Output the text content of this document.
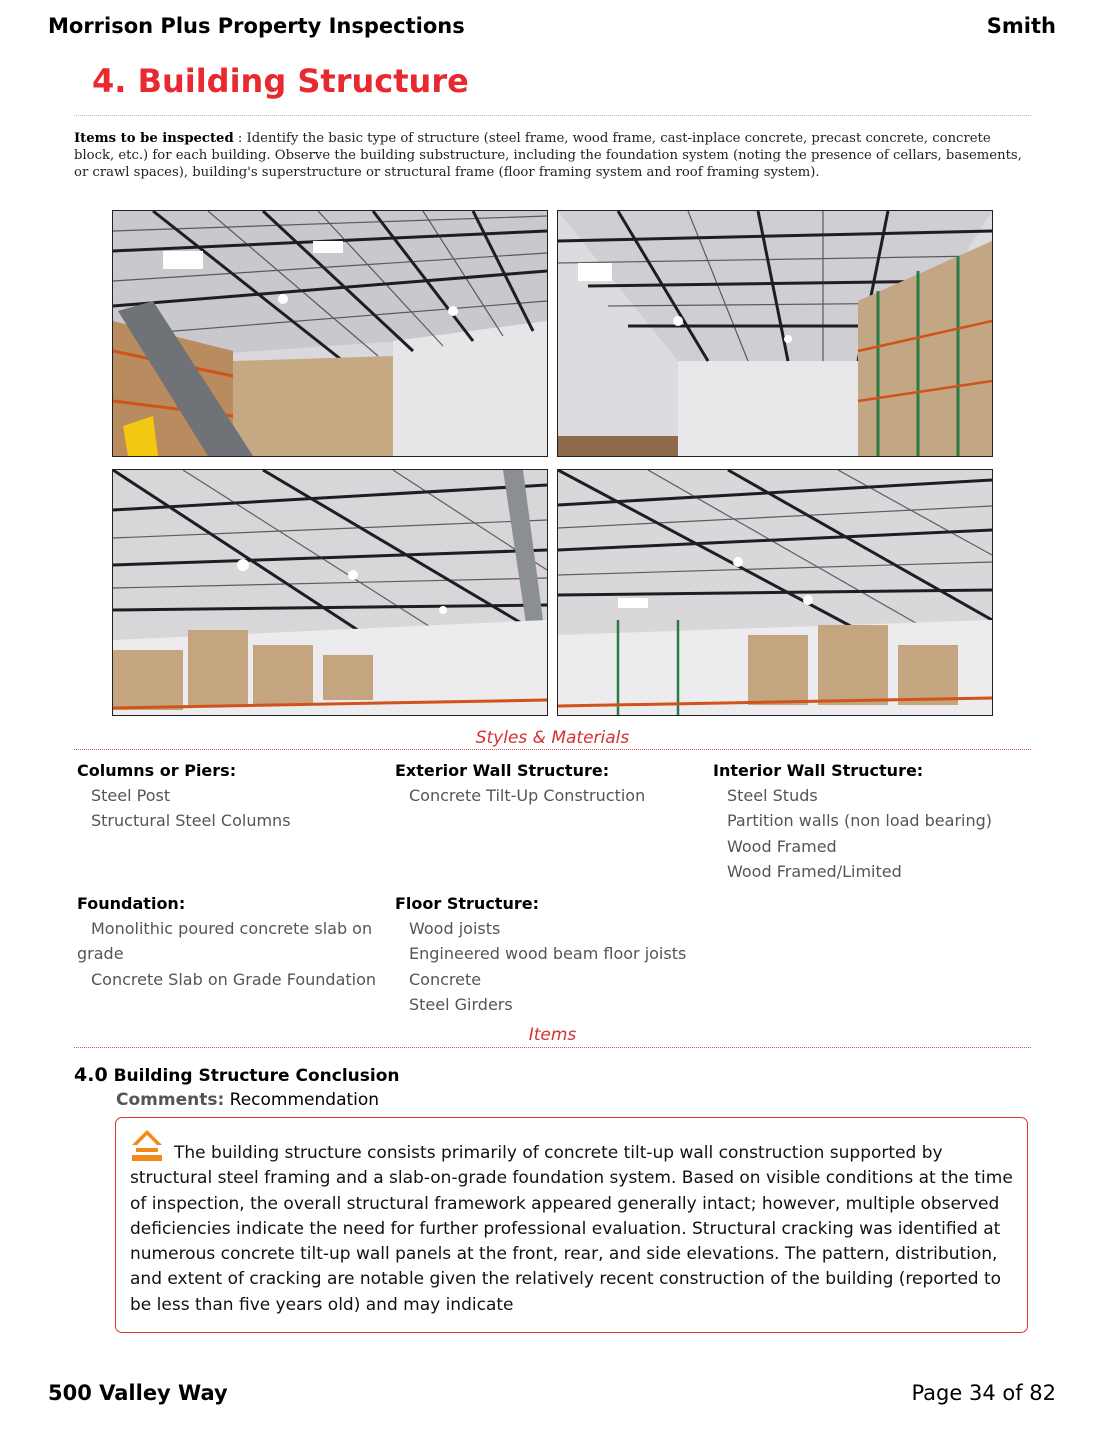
Morrison Plus Property Inspections	Smith
4. Building Structure
Items to be inspected : Identify the basic type of structure (steel frame, wood frame, cast-inplace concrete, precast concrete, concrete block, etc.) for each building. Observe the building substructure, including the foundation system (noting the presence of cellars, basements, or crawl spaces), building's superstructure or structural frame (floor framing system and roof framing system).
Styles & Materials
Columns or Piers:
Steel Post
Structural Steel Columns
Exterior Wall Structure:
Concrete Tilt-Up Construction
Interior Wall Structure:
Steel Studs
Partition walls (non load bearing)
Wood Framed
Wood Framed/Limited
Foundation:
Monolithic poured concrete slab on grade
Concrete Slab on Grade Foundation
Floor Structure:
Wood joists
Engineered wood beam floor joists
Concrete
Steel Girders
Items
4.0 Building Structure Conclusion
Comments: Recommendation
The building structure consists primarily of concrete tilt-up wall construction supported by structural steel framing and a slab-on-grade foundation system. Based on visible conditions at the time of inspection, the overall structural framework appeared generally intact; however, multiple observed deficiencies indicate the need for further professional evaluation. Structural cracking was identified at numerous concrete tilt-up wall panels at the front, rear, and side elevations. The pattern, distribution, and extent of cracking are notable given the relatively recent construction of the building (reported to be less than five years old) and may indicate
500 Valley Way	Page 34 of 82
